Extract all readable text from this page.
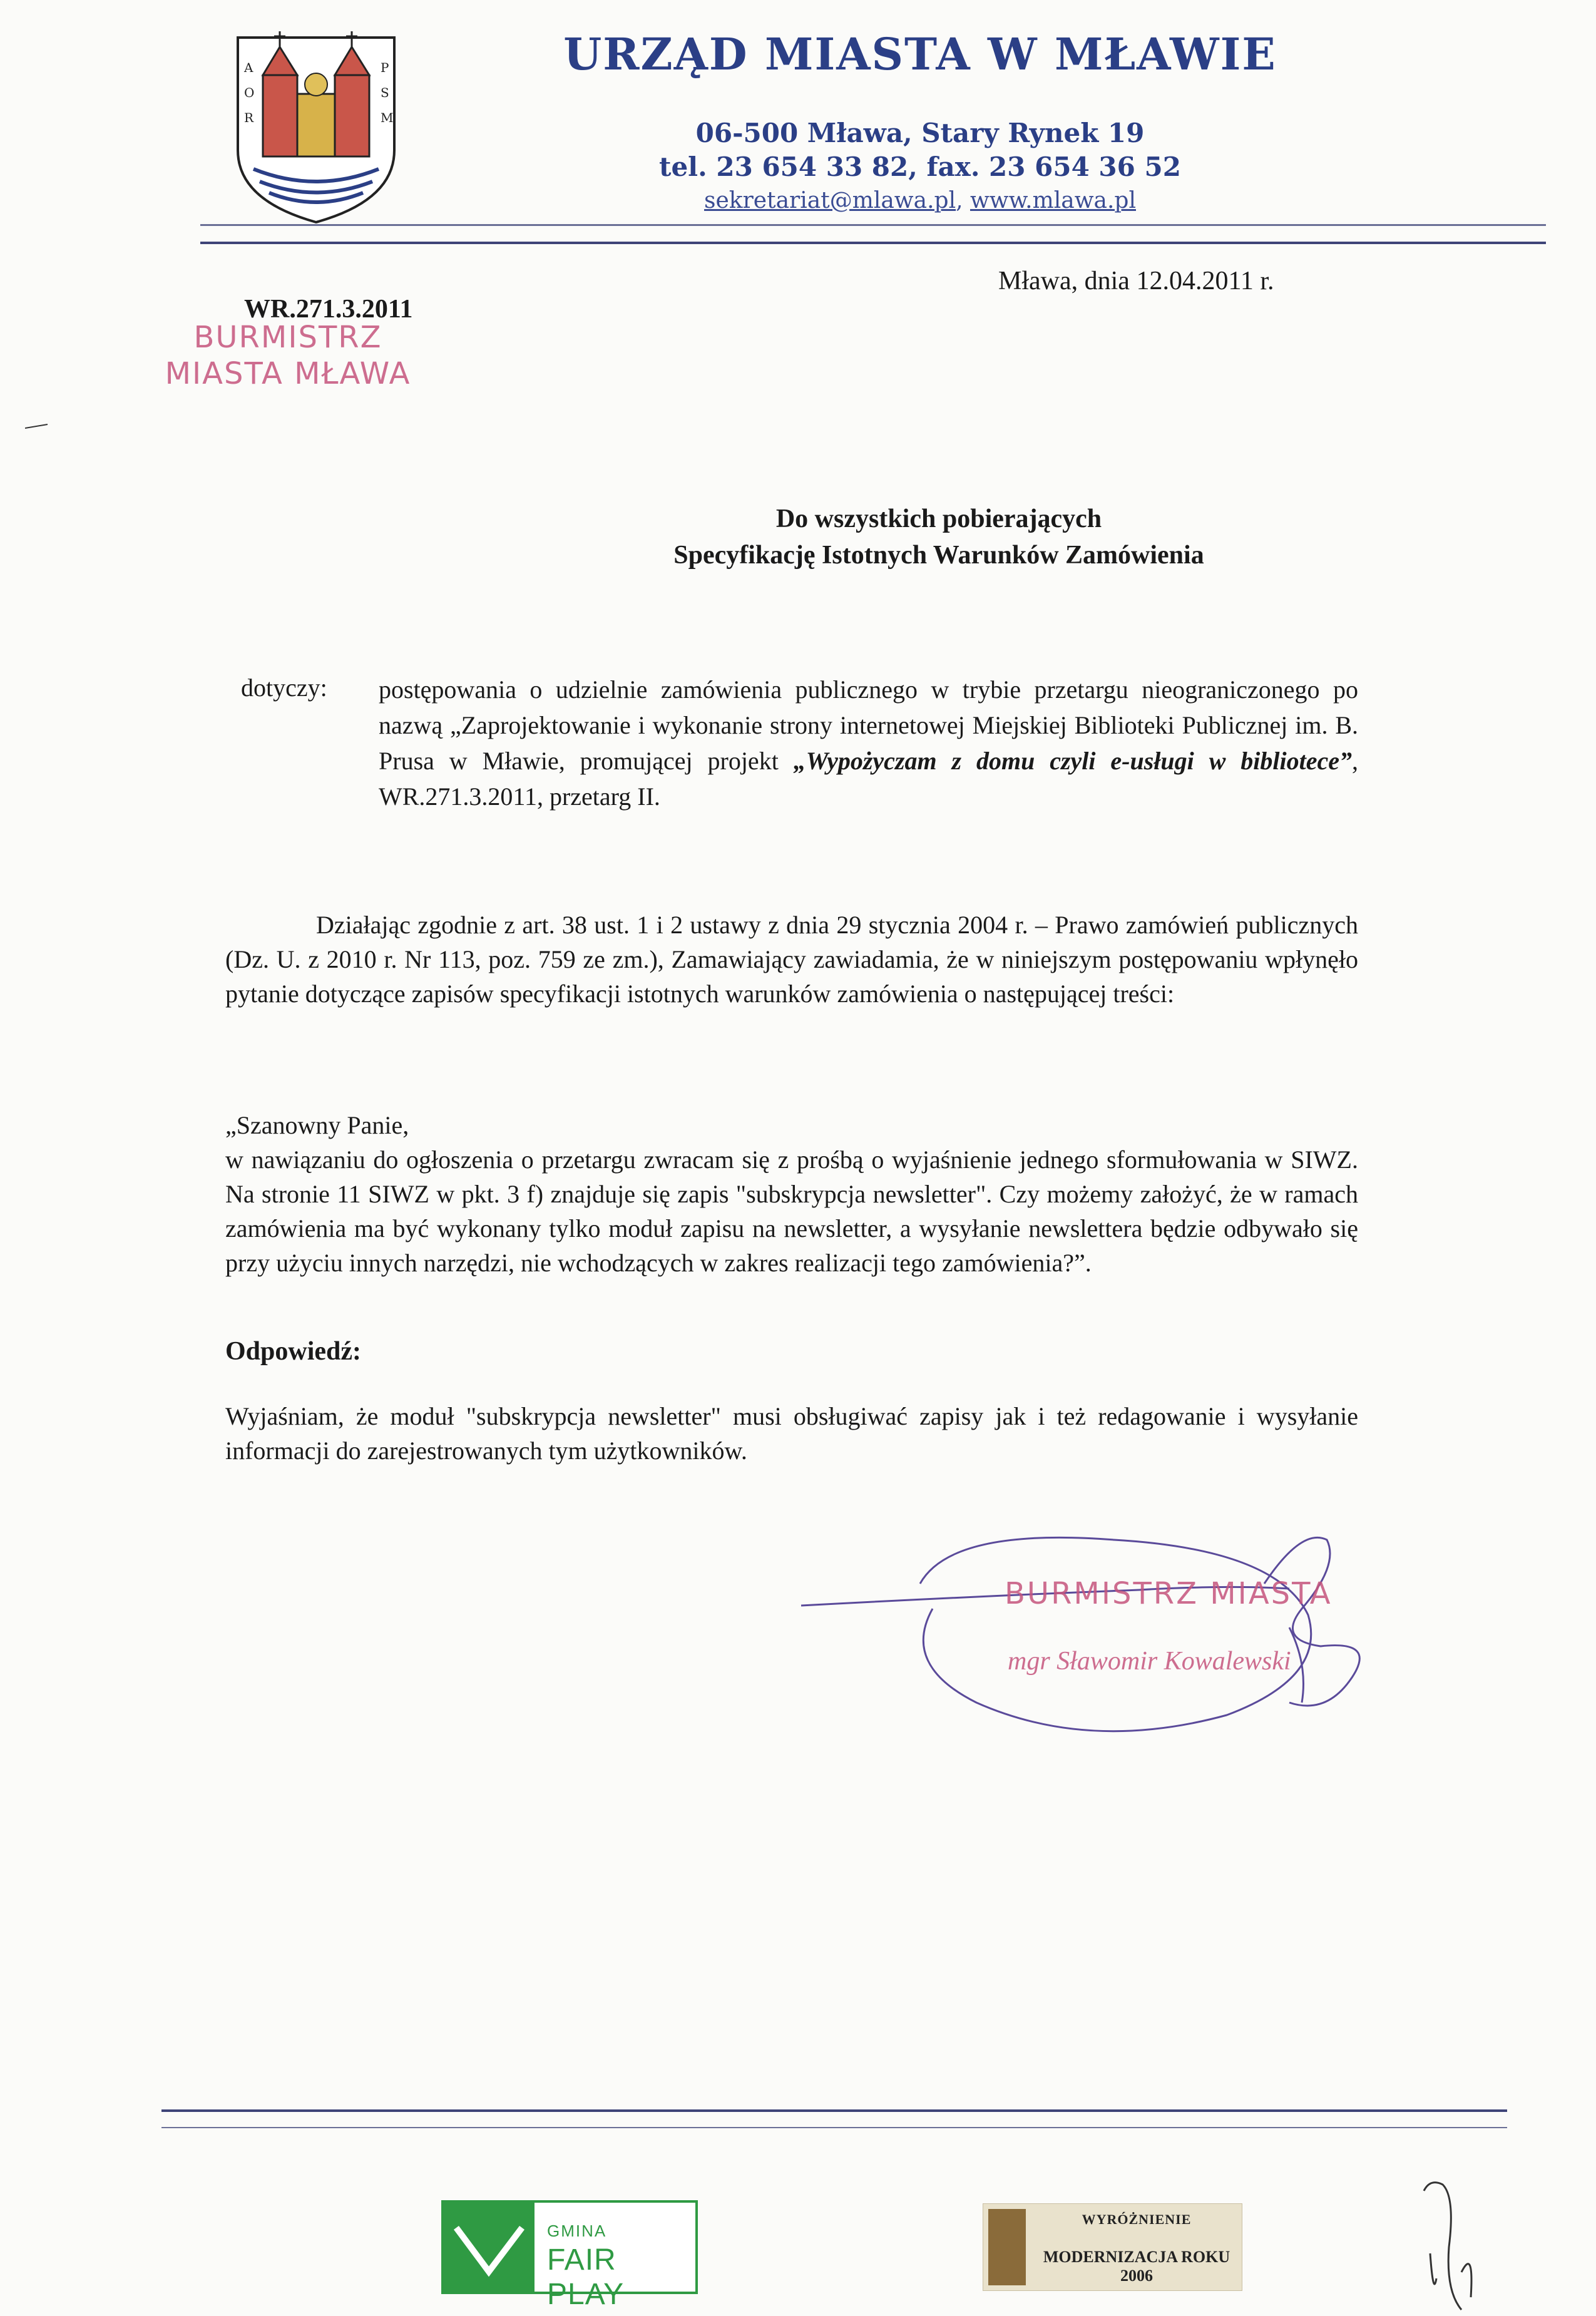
A
O
R
P
S
M
URZĄD MIASTA W MŁAWIE
06-500 Mława, Stary Rynek 19
tel. 23 654 33 82, fax. 23 654 36 52
sekretariat@mlawa.pl, www.mlawa.pl
WR.271.3.2011
Mława, dnia 12.04.2011 r.
BURMISTRZ
MIASTA MŁAWA
Do wszystkich pobierających
Specyfikację Istotnych Warunków Zamówienia
dotyczy: postępowania o udzielnie zamówienia publicznego w trybie przetargu nieograniczonego po nazwą „Zaprojektowanie i wykonanie strony internetowej Miejskiej Biblioteki Publicznej im. B. Prusa w Mławie, promującej projekt „Wypożyczam z domu czyli e-usługi w bibliotece”, WR.271.3.2011, przetarg II.
Działając zgodnie z art. 38 ust. 1 i 2 ustawy z dnia 29 stycznia 2004 r. – Prawo zamówień publicznych (Dz. U. z 2010 r. Nr 113, poz. 759 ze zm.), Zamawiający zawiadamia, że w niniejszym postępowaniu wpłynęło pytanie dotyczące zapisów specyfikacji istotnych warunków zamówienia o następującej treści:
„Szanowny Panie,
w nawiązaniu do ogłoszenia o przetargu zwracam się z prośbą o wyjaśnienie jednego sformułowania w SIWZ. Na stronie 11 SIWZ w pkt. 3 f) znajduje się zapis "subskrypcja newsletter". Czy możemy założyć, że w ramach zamówienia ma być wykonany tylko moduł zapisu na newsletter, a wysyłanie newslettera będzie odbywało się przy użyciu innych narzędzi, nie wchodzących w zakres realizacji tego zamówienia?”.
Odpowiedź:
Wyjaśniam, że moduł "subskrypcja newsletter" musi obsługiwać zapisy jak i też redagowanie i wysyłanie informacji do zarejestrowanych tym użytkowników.
BURMISTRZ MIASTA
mgr Sławomir Kowalewski
GMINA
FAIR PLAY
WYRÓŻNIENIE
MODERNIZACJA ROKU 2006
